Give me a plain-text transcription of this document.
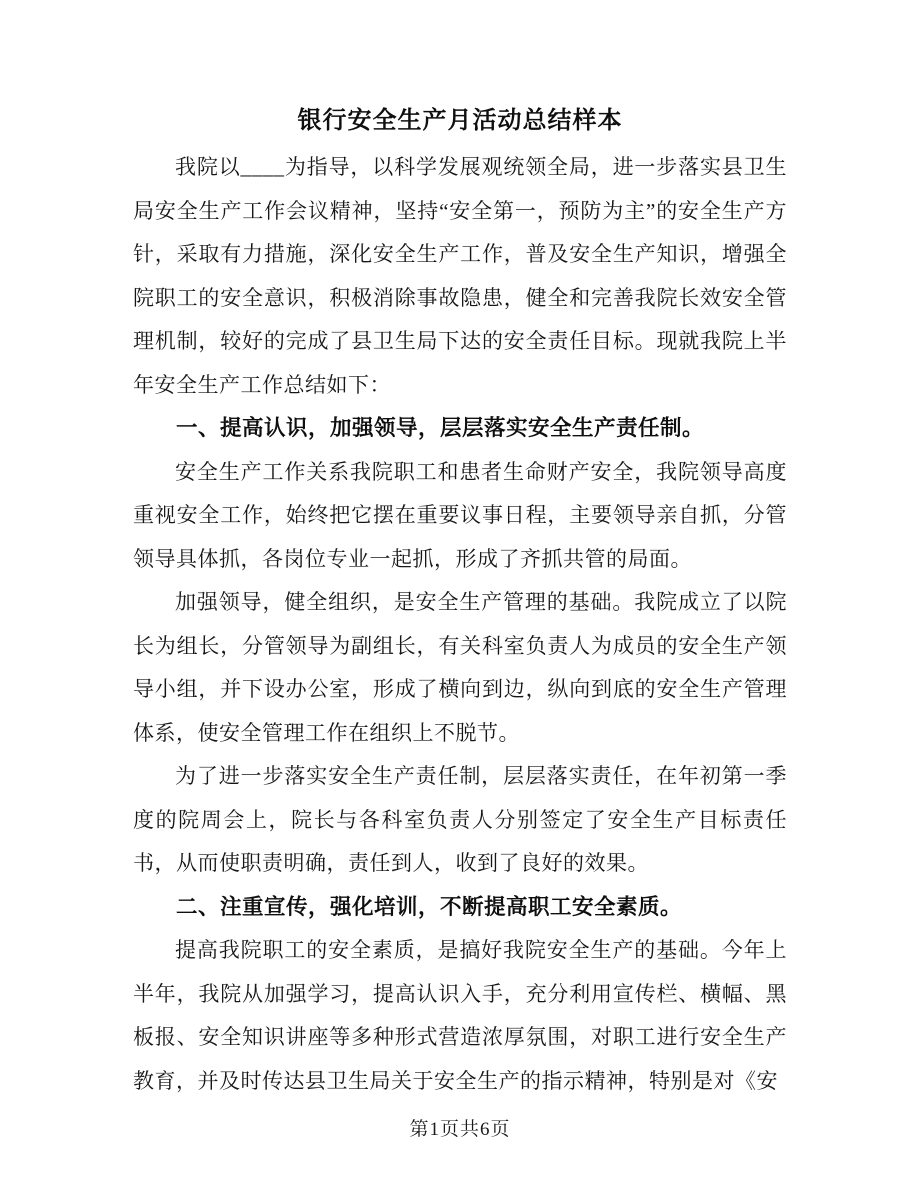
银行安全生产月活动总结样本

我院以____为指导，以科学发展观统领全局，进一步落实县卫生局安全生产工作会议精神，坚持“安全第一，预防为主”的安全生产方针，采取有力措施，深化安全生产工作，普及安全生产知识，增强全院职工的安全意识，积极消除事故隐患，健全和完善我院长效安全管理机制，较好的完成了县卫生局下达的安全责任目标。现就我院上半年安全生产工作总结如下：

一、提高认识，加强领导，层层落实安全生产责任制。

安全生产工作关系我院职工和患者生命财产安全，我院领导高度重视安全工作，始终把它摆在重要议事日程，主要领导亲自抓，分管领导具体抓，各岗位专业一起抓，形成了齐抓共管的局面。

加强领导，健全组织，是安全生产管理的基础。我院成立了以院长为组长，分管领导为副组长，有关科室负责人为成员的安全生产领导小组，并下设办公室，形成了横向到边，纵向到底的安全生产管理体系，使安全管理工作在组织上不脱节。

为了进一步落实安全生产责任制，层层落实责任，在年初第一季度的院周会上，院长与各科室负责人分别签定了安全生产目标责任书，从而使职责明确，责任到人，收到了良好的效果。

二、注重宣传，强化培训，不断提高职工安全素质。

提高我院职工的安全素质，是搞好我院安全生产的基础。今年上半年，我院从加强学习，提高认识入手，充分利用宣传栏、横幅、黑板报、安全知识讲座等多种形式营造浓厚氛围，对职工进行安全生产教育，并及时传达县卫生局关于安全生产的指示精神，特别是对《安

第1页共6页
